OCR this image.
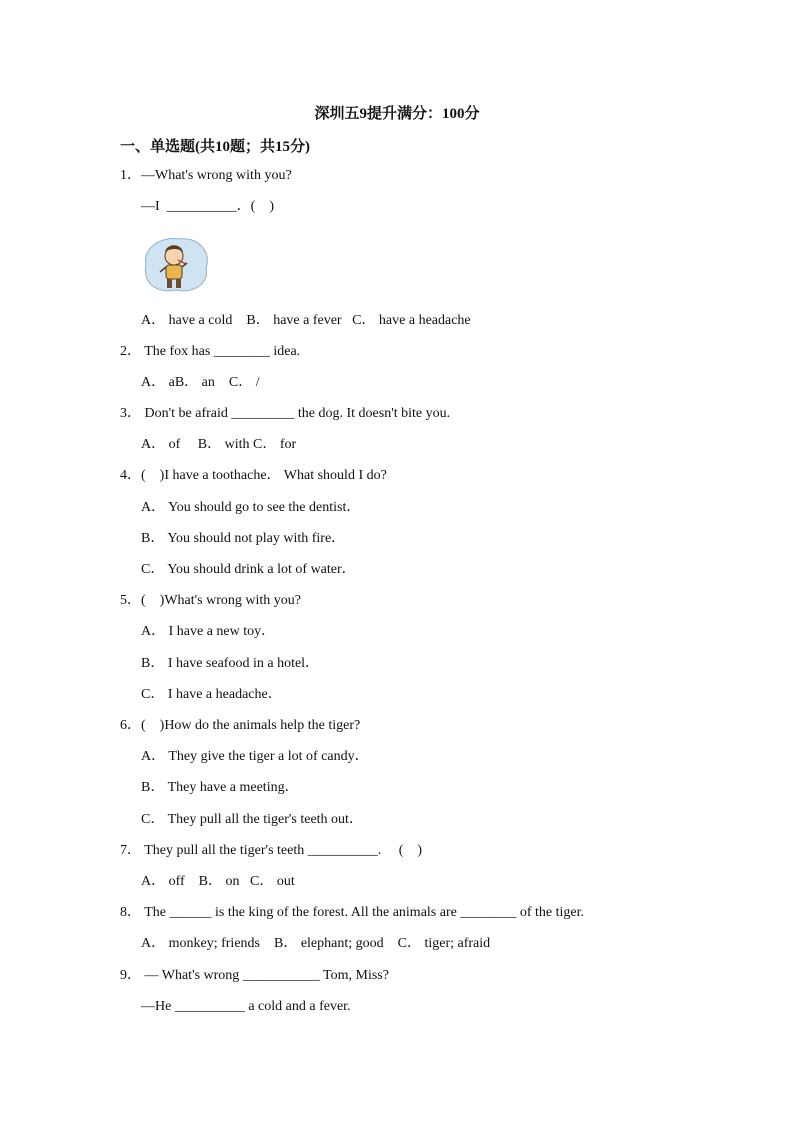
深圳五9提升满分：100分
一、单选题(共10题；共15分)
1．—What's wrong with you?
—I  __________．(    )
A． have a cold    B． have a fever   C． have a headache
2． The fox has ________ idea.
A． aB． an    C． /
3． Don't be afraid _________ the dog. It doesn't bite you.
A． of     B． with C． for
4．(    )I have a toothache． What should I do?
A． You should go to see the dentist．
B． You should not play with fire．
C． You should drink a lot of water．
5．(    )What's wrong with you?
A． I have a new toy．
B． I have seafood in a hotel．
C． I have a headache．
6．(    )How do the animals help the tiger?
A． They give the tiger a lot of candy．
B． They have a meeting．
C． They pull all the tiger's teeth out．
7． They pull all the tiger's teeth __________.     (    )
A． off    B． on   C． out
8． The ______ is the king of the forest. All the animals are ________ of the tiger.
A． monkey; friends    B． elephant; good    C． tiger; afraid
9． — What's wrong ___________ Tom, Miss?
—He __________ a cold and a fever.
